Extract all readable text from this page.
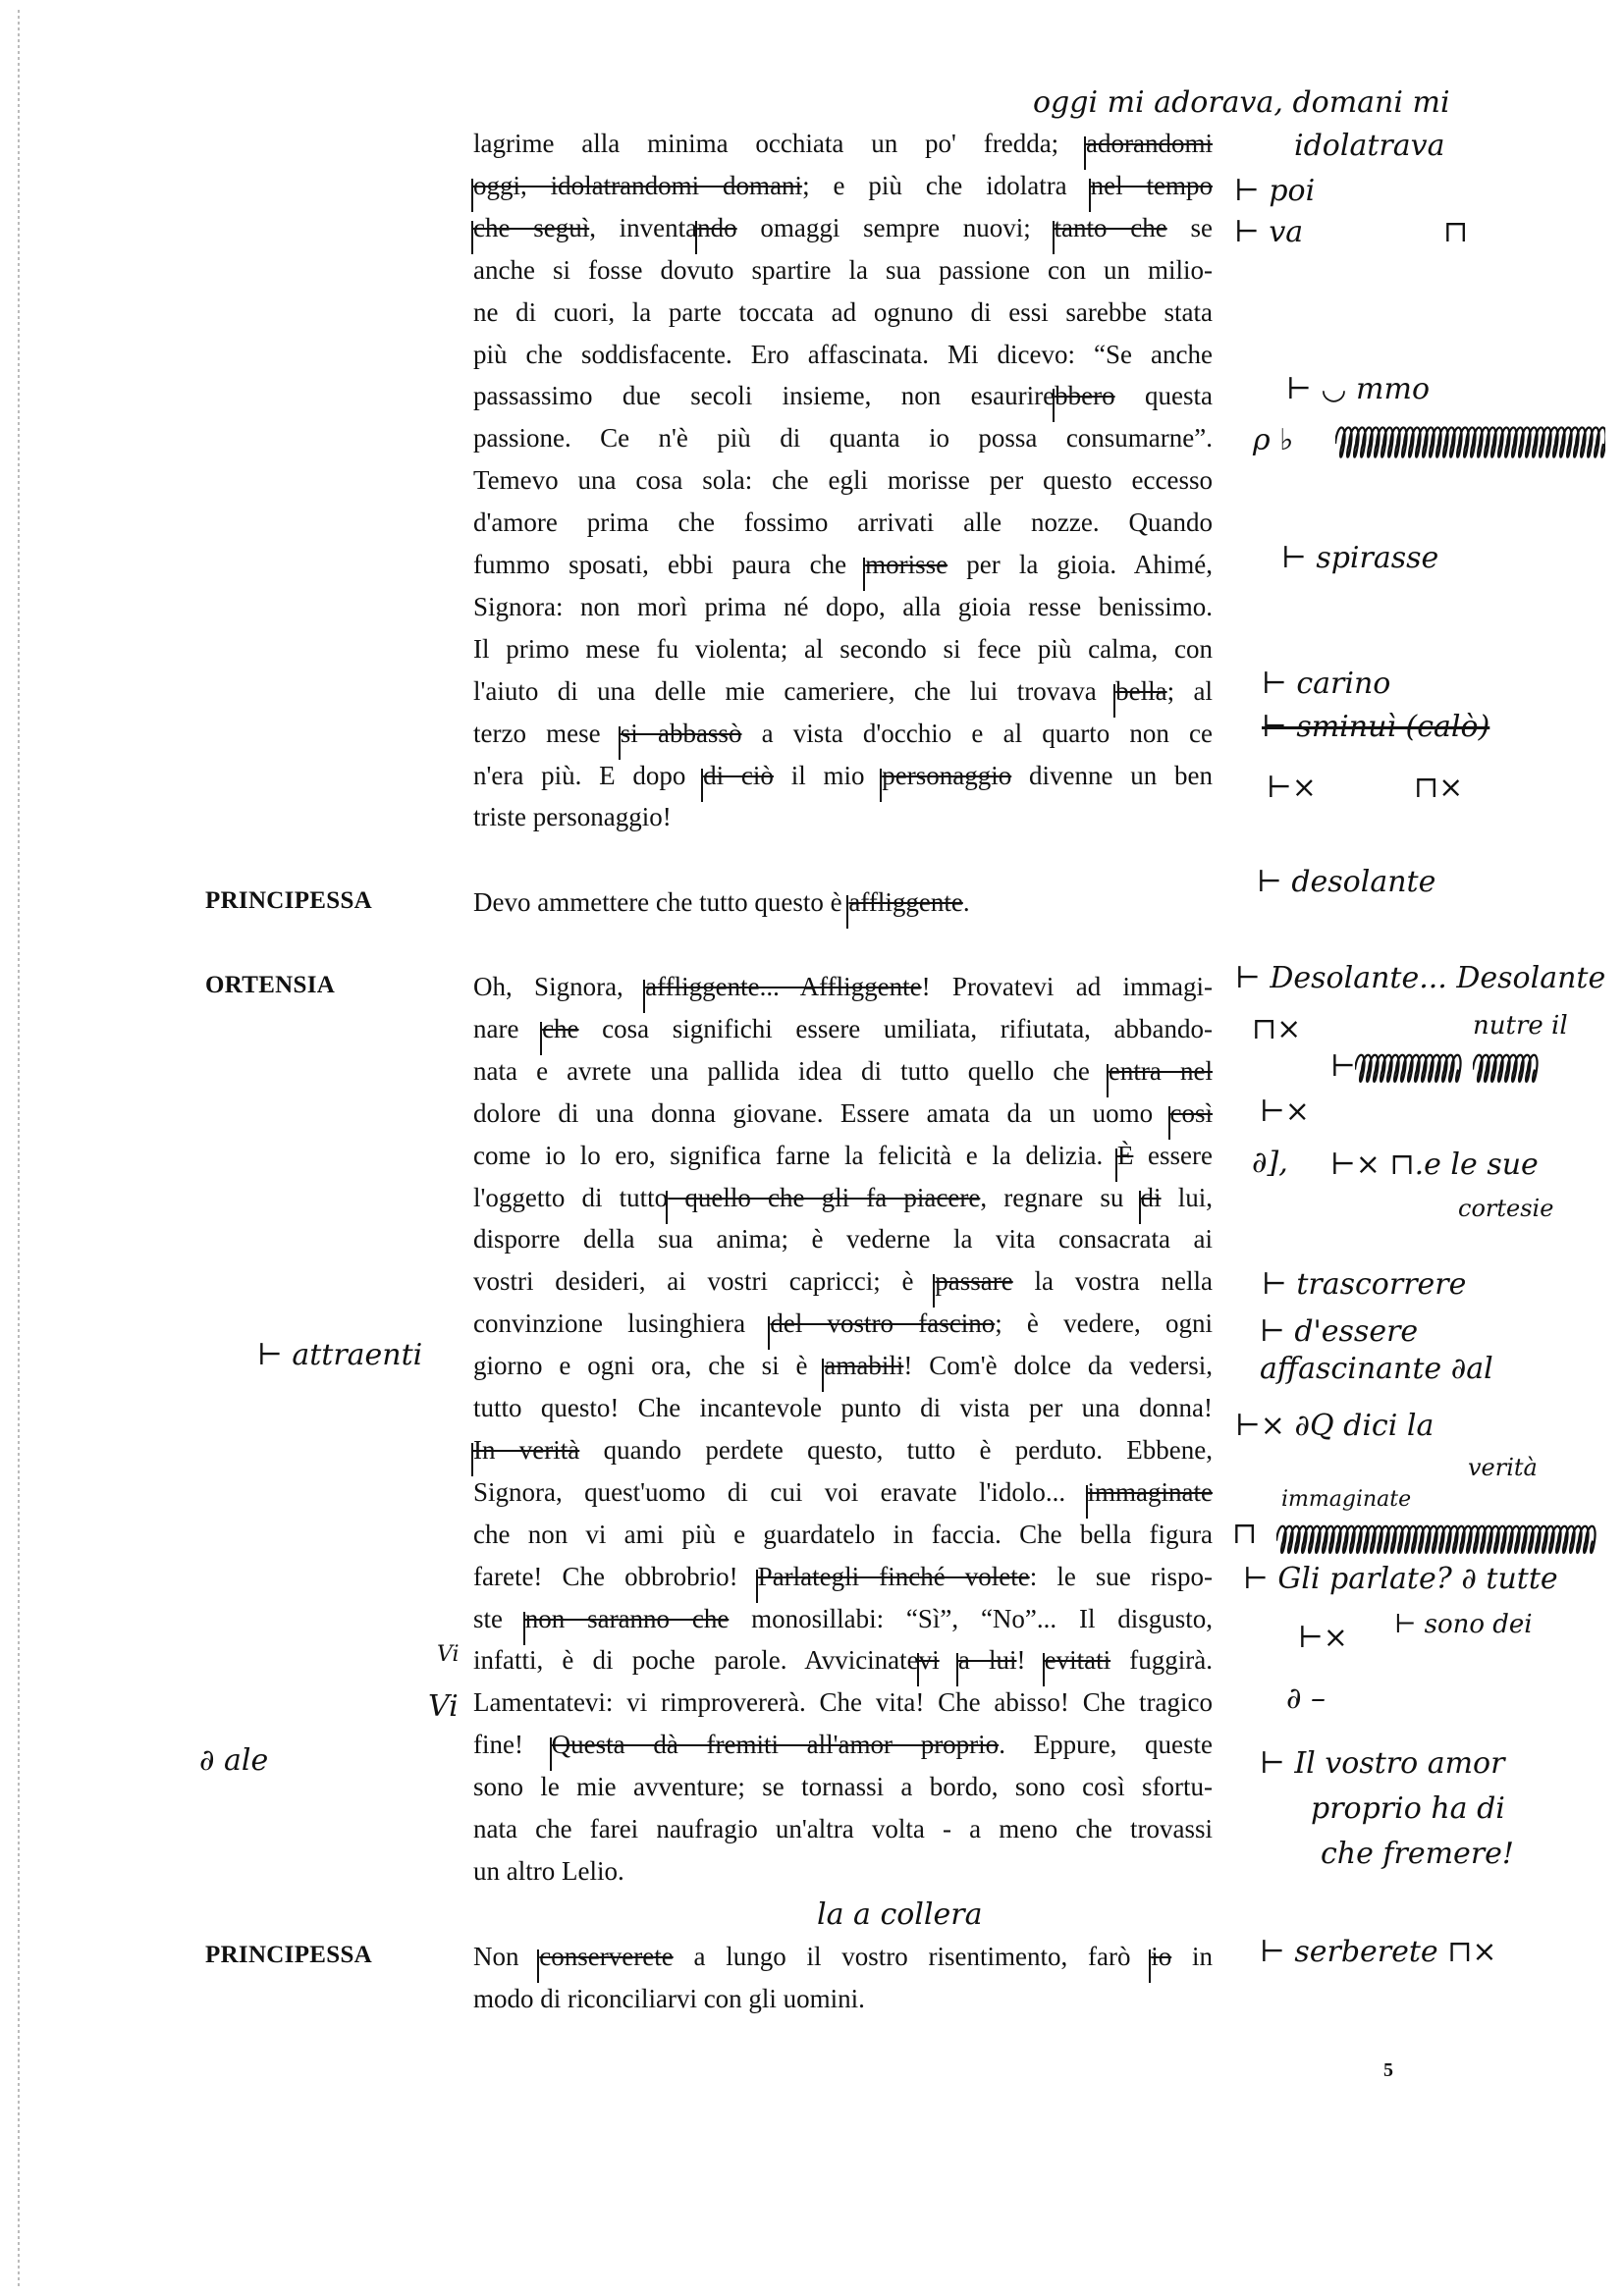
lagrime alla minima occhiata un po' fredda; adorandomi
oggi, idolatrandomi domani; e più che idolatra nel tempo
che seguì, inventando omaggi sempre nuovi; tanto che se
anche si fosse dovuto spartire la sua passione con un milio-
ne di cuori, la parte toccata ad ognuno di essi sarebbe stata
più che soddisfacente. Ero affascinata. Mi dicevo: “Se anche
passassimo due secoli insieme, non esaurirebbero questa
passione. Ce n'è più di quanta io possa consumarne”.
Temevo una cosa sola: che egli morisse per questo eccesso
d'amore prima che fossimo arrivati alle nozze. Quando
fummo sposati, ebbi paura che morisse per la gioia. Ahimé,
Signora: non morì prima né dopo, alla gioia resse benissimo.
Il primo mese fu violenta; al secondo si fece più calma, con
l'aiuto di una delle mie cameriere, che lui trovava bella; al
terzo mese si abbassò a vista d'occhio e al quarto non ce
n'era più. E dopo di ciò il mio personaggio divenne un ben
triste personaggio!
PRINCIPESSA	Devo ammettere che tutto questo è affliggente.
ORTENSIA	Oh, Signora, affliggente... Affliggente! Provatevi ad immagi-
nare che cosa significhi essere umiliata, rifiutata, abbando-
nata e avrete una pallida idea di tutto quello che entra nel
dolore di una donna giovane. Essere amata da un uomo così
come io lo ero, significa farne la felicità e la delizia. È essere
l'oggetto di tutto quello che gli fa piacere, regnare su di lui,
disporre della sua anima; è vederne la vita consacrata ai
vostri desideri, ai vostri capricci; è passare la vostra nella
convinzione lusinghiera del vostro fascino; è vedere, ogni
giorno e ogni ora, che si è amabili! Com'è dolce da vedersi,
tutto questo! Che incantevole punto di vista per una donna!
In verità quando perdete questo, tutto è perduto. Ebbene,
Signora, quest'uomo di cui voi eravate l'idolo... immaginate
che non vi ami più e guardatelo in faccia. Che bella figura
farete! Che obbrobrio! Parlategli finché volete: le sue rispo-
ste non saranno che monosillabi: “Sì”, “No”... Il disgusto,
infatti, è di poche parole. Avvicinatevi a lui! evitati fuggirà.
Lamentatevi: vi rimprovererà. Che vita! Che abisso! Che tragico
fine! Questa dà fremiti all'amor proprio. Eppure, queste
sono le mie avventure; se tornassi a bordo, sono così sfortu-
nata che farei naufragio un'altra volta - a meno che trovassi
un altro Lelio.
PRINCIPESSA	Non conserverete a lungo il vostro risentimento, farò io in
modo di riconciliarvi con gli uomini.
oggi mi adorava, domani mi
idolatrava
⊢ poi
⊢ va	⊓
⊢ ◡ mmo
ρ ♭
⊢ spirasse
⊢ carino
⊢ sminuì (calò)
⊢×	⊓×
⊢ desolante
⊢ Desolante... Desolante
⊓×
⊢
nutre il
⊢×
∂], ⊢× ⊓.e le sue
cortesie
⊢ trascorrere
⊢ d'essere affascinante ∂al
⊢ attraenti
⊢× ∂Q dici la
verità
immaginate
⊓
⊢ Gli parlate? ∂ tutte
⊢ sono dei
⊢×
Vi
Vi	∂ –
∂ ale	⊢ Il vostro amor
proprio ha di
che fremere!
la a collera
⊢ serberete ⊓×
5
